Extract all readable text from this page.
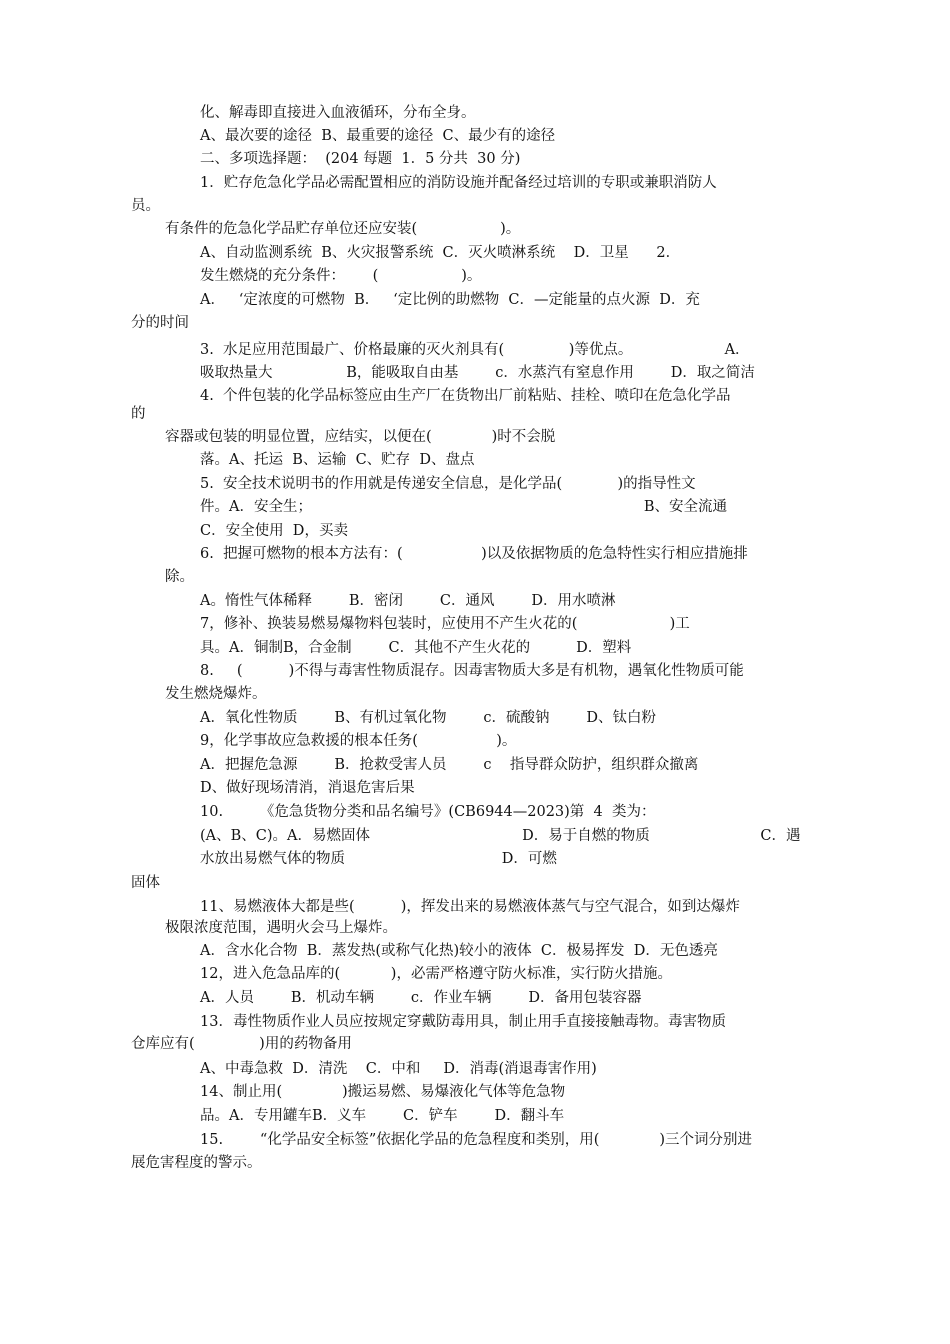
化、解毒即直接进入血液循环，分布全身。
A、最次要的途径  B、最重要的途径  C、最少有的途径
二、多项选择题：  (204 每题  1．5 分共  30 分)
1．贮存危急化学品必需配置相应的消防设施并配备经过培训的专职或兼职消防人
员。
有条件的危急化学品贮存单位还应安装(                  )。
A、自动监测系统  B、火灾报警系统  C．灭火喷淋系统    D．卫星      2．
发生燃烧的充分条件：      (                  )。
A．   ‘定浓度的可燃物  B．   ‘定比例的助燃物  C．—定能量的点火源  D．充
分的时间
3.  水足应用范围最广、价格最廉的灭火剂具有(              )等优点。                    A．
吸取热量大                B，能吸取自由基        c．水蒸汽有窒息作用        D．取之简洁
4.  个件包装的化学品标签应由生产厂在货物出厂前粘贴、挂栓、喷印在危急化学品
的
容器或包装的明显位置，应结实，以便在(             )时不会脱
落。A、托运  B、运输  C、贮存  D、盘点
5.  安全技术说明书的作用就是传递安全信息，是化学品(            )的指导性文
件。A．安全生；                                                                        B、安全流通
C．安全使用  D，买卖
6.  把握可燃物的根本方法有：(                 )以及依据物质的危急特性实行相应措施排
除。
A。惰性气体稀释        B．密闭        C．通风        D．用水喷淋
7，修补、换装易燃易爆物料包装时，应使用不产生火花的(                    )工
具。A．铜制B，合金制        C．其他不产生火花的          D．塑料
8.     (          )不得与毒害性物质混存。因毒害物质大多是有机物，遇氧化性物质可能
发生燃烧爆炸。
A．氧化性物质        B、有机过氧化物        c．硫酸钠        D、钛白粉
9，化学事故应急救援的根本任务(                 )。
A．把握危急源        B．抢救受害人员        c    指导群众防护，组织群众撤离
D、做好现场清消，消退危害后果
10.        《危急货物分类和品名编号》(CB6944—2023)第  4  类为：
(A、B、C)。A．易燃固体                                 D．易于自燃的物质                        C．遇
水放出易燃气体的物质                                  D．可燃
固体
11、易燃液体大都是些(          )，挥发出来的易燃液体蒸气与空气混合，如到达爆炸
极限浓度范围，遇明火会马上爆炸。
A．含水化合物  B．蒸发热(或称气化热)较小的液体  C．极易挥发  D．无色透亮
12，进入危急品库的(           )，必需严格遵守防火标准，实行防火措施。
A．人员        B．机动车辆        c．作业车辆        D．备用包装容器
13．毒性物质作业人员应按规定穿戴防毒用具，制止用手直接接触毒物。毒害物质
仓库应有(              )用的药物备用
A、中毒急救  D．清洗    C．中和     D．消毒(消退毒害作用)
14、制止用(             )搬运易燃、易爆液化气体等危急物
品。A．专用罐车B．义车        C．铲车        D．翻斗车
15.        “化学品安全标签”依据化学品的危急程度和类别，用(             )三个词分别进
展危害程度的警示。
